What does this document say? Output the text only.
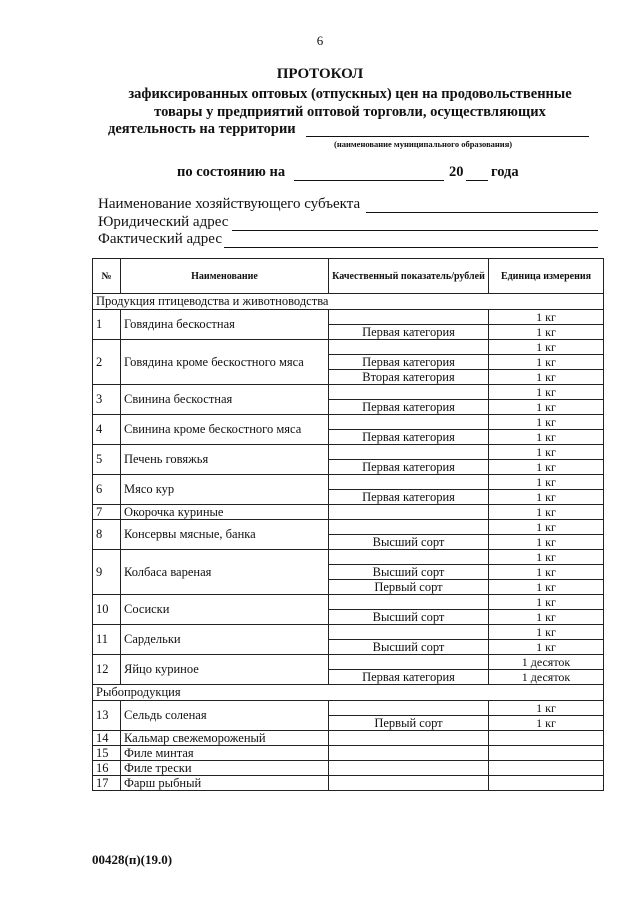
6
ПРОТОКОЛ
зафиксированных оптовых (отпускных) цен на продовольственные
товары у предприятий оптовой торговли, осуществляющих
деятельность на территории
(наименование муниципального образования)
по состоянию на	20 года
Наименование хозяйствующего субъекта
Юридический адрес
Фактический адрес
№	Наименование	Качественный показатель/рублей	Единица измерения
Продукция птицеводства и животноводства			
1	Говядина бескостная		1 кг
		Первая категория	1 кг
2	Говядина кроме бескостного мяса		1 кг
		Первая категория	1 кг
		Вторая категория	1 кг
3	Свинина бескостная		1 кг
		Первая категория	1 кг
4	Свинина кроме бескостного мяса		1 кг
		Первая категория	1 кг
5	Печень говяжья		1 кг
		Первая категория	1 кг
6	Мясо кур		1 кг
		Первая категория	1 кг
7	Окорочка куриные		1 кг
8	Консервы мясные, банка		1 кг
		Высший сорт	1 кг
9	Колбаса вареная		1 кг
		Высший сорт	1 кг
		Первый сорт	1 кг
10	Сосиски		1 кг
		Высший сорт	1 кг
11	Сардельки		1 кг
		Высший сорт	1 кг
12	Яйцо куриное		1 десяток
		Первая категория	1 десяток
Рыбопродукция			
13	Сельдь соленая		1 кг
		Первый сорт	1 кг
14	Кальмар свежемороженый		
15	Филе минтая		
16	Филе трески		
17	Фарш рыбный		
00428(п)(19.0)
